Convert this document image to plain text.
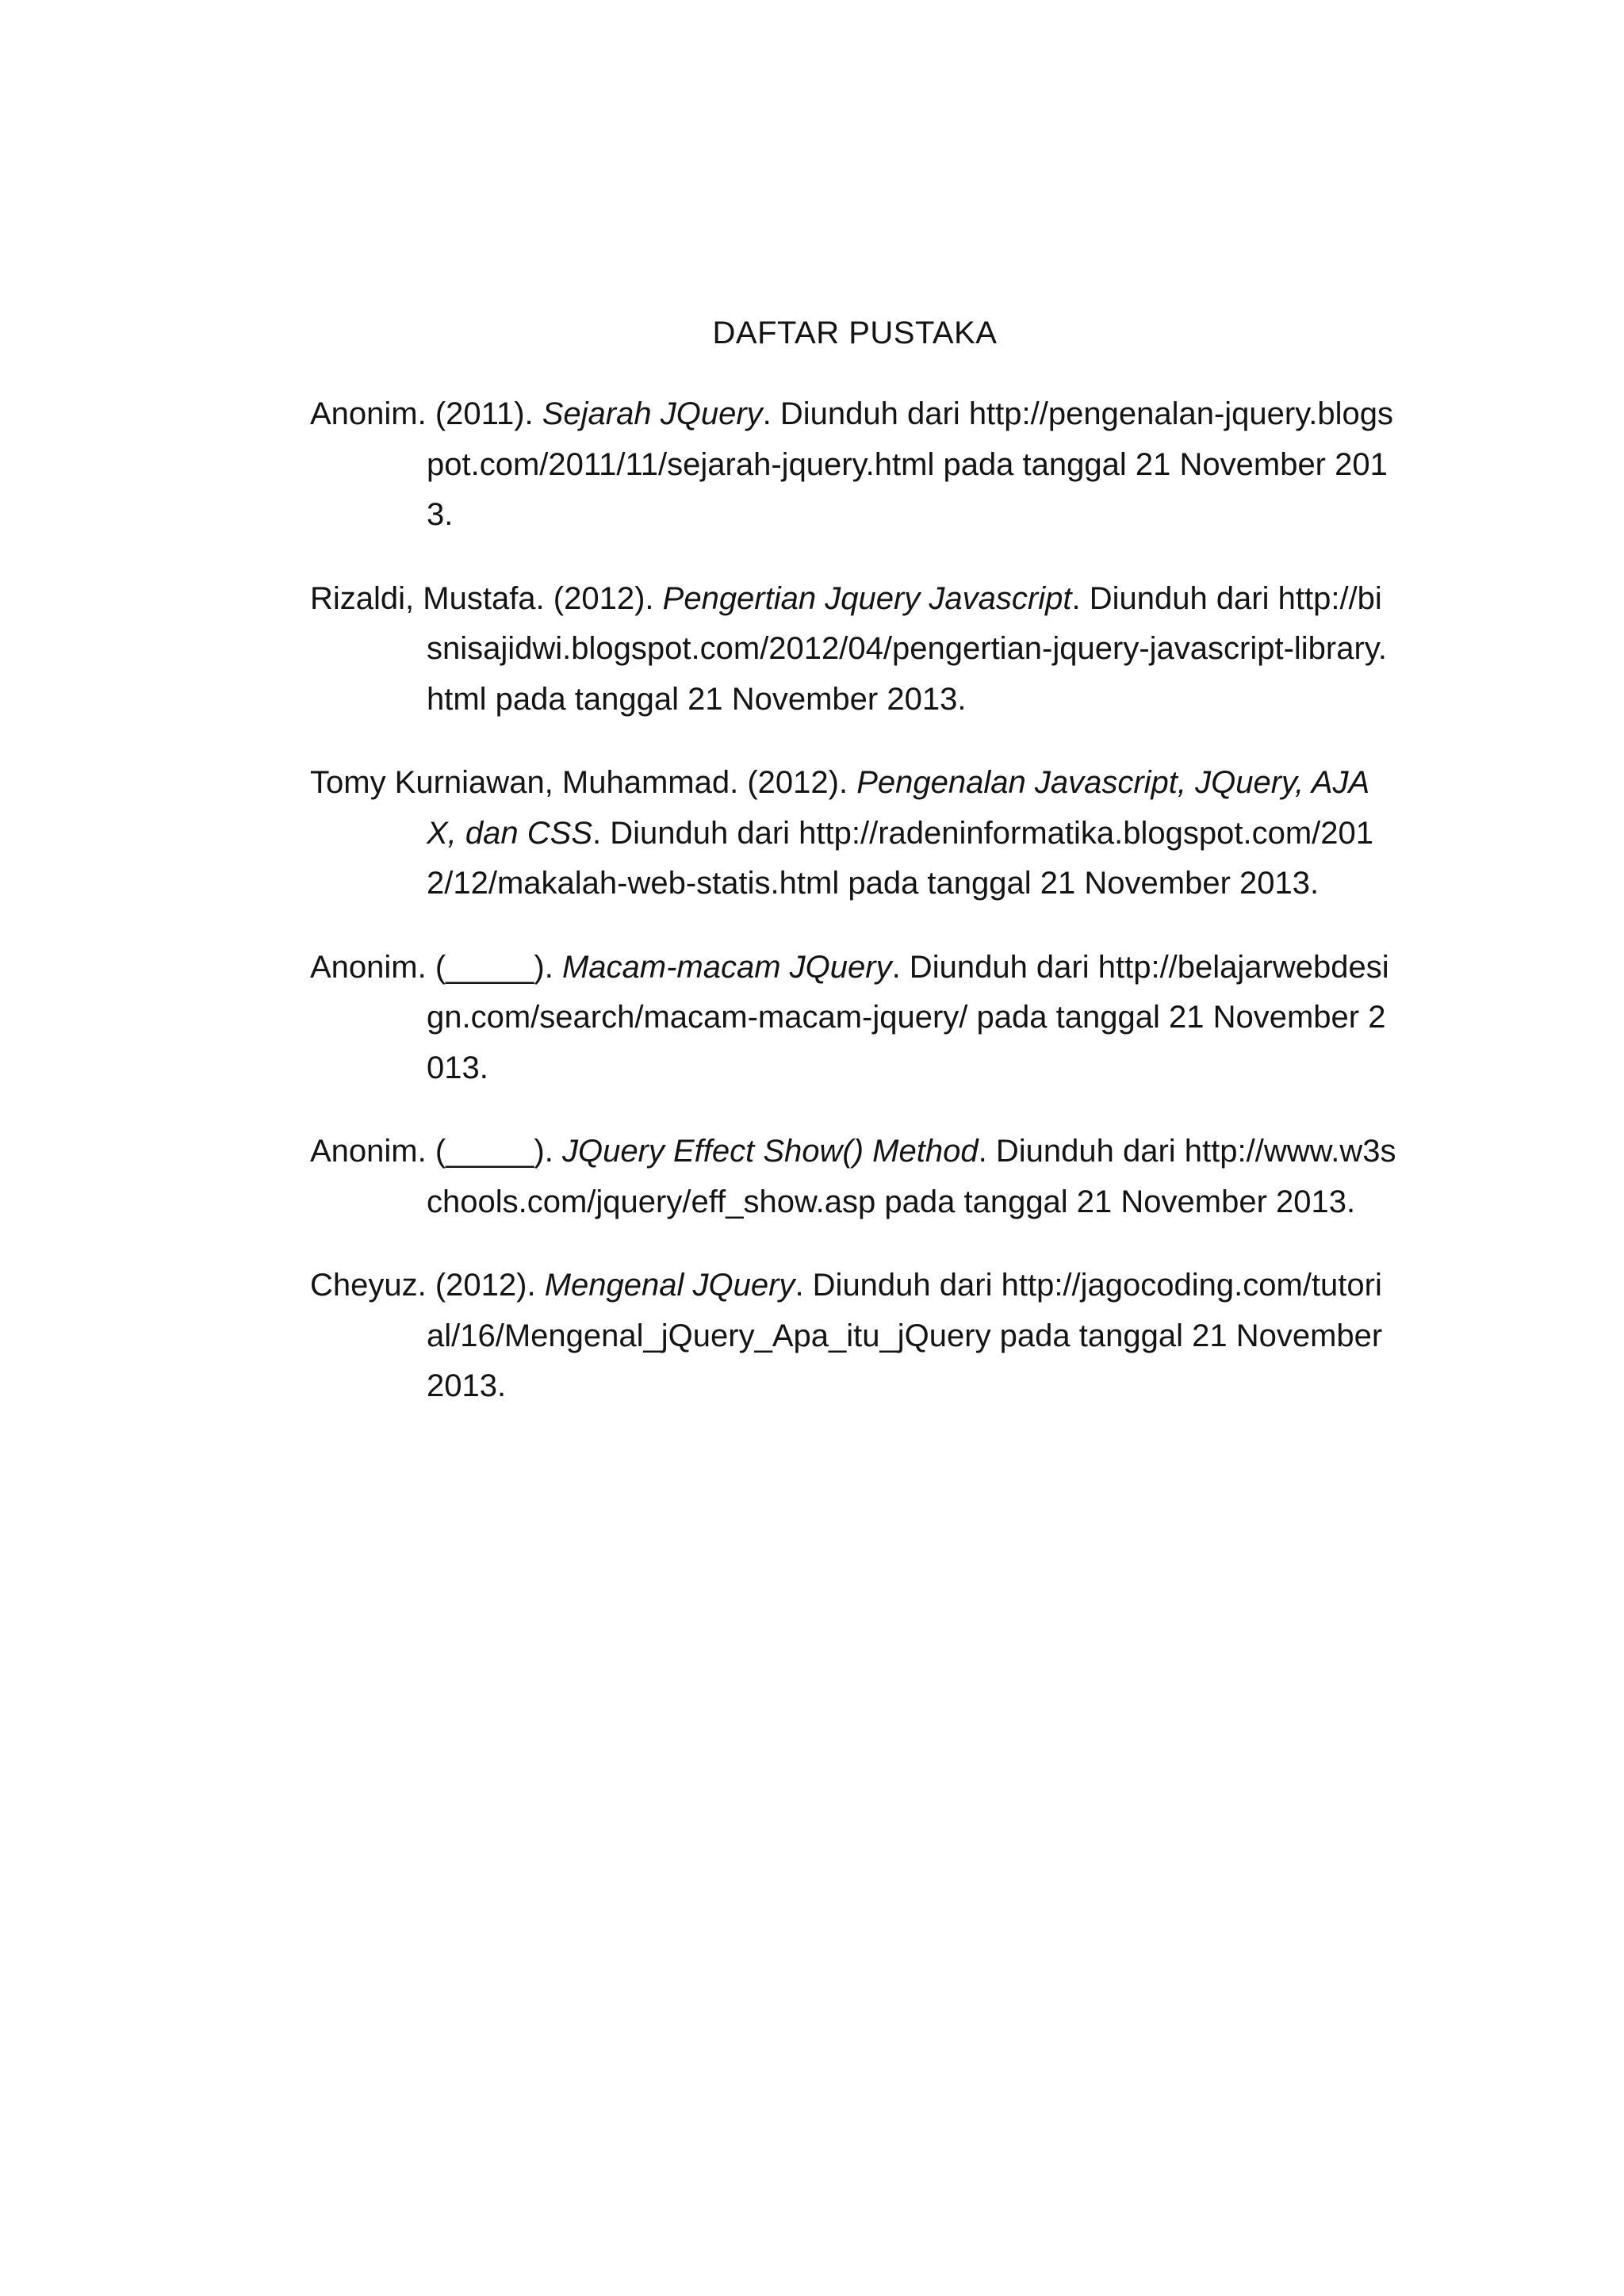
DAFTAR PUSTAKA
Anonim. (2011). Sejarah JQuery. Diunduh dari http://pengenalan-jquery.blogspot.com/2011/11/sejarah-jquery.html pada tanggal 21 November 2013.
Rizaldi, Mustafa. (2012). Pengertian Jquery Javascript. Diunduh dari http://bisnisajidwi.blogspot.com/2012/04/pengertian-jquery-javascript-library.html pada tanggal 21 November 2013.
Tomy Kurniawan, Muhammad. (2012). Pengenalan Javascript, JQuery, AJAX, dan CSS. Diunduh dari http://radeninformatika.blogspot.com/2012/12/makalah-web-statis.html pada tanggal 21 November 2013.
Anonim. (_____). Macam-macam JQuery. Diunduh dari http://belajarwebdesign.com/search/macam-macam-jquery/ pada tanggal 21 November 2013.
Anonim. (_____). JQuery Effect Show() Method. Diunduh dari http://www.w3schools.com/jquery/eff_show.asp pada tanggal 21 November 2013.
Cheyuz. (2012). Mengenal JQuery. Diunduh dari http://jagocoding.com/tutorial/16/Mengenal_jQuery_Apa_itu_jQuery pada tanggal 21 November 2013.
